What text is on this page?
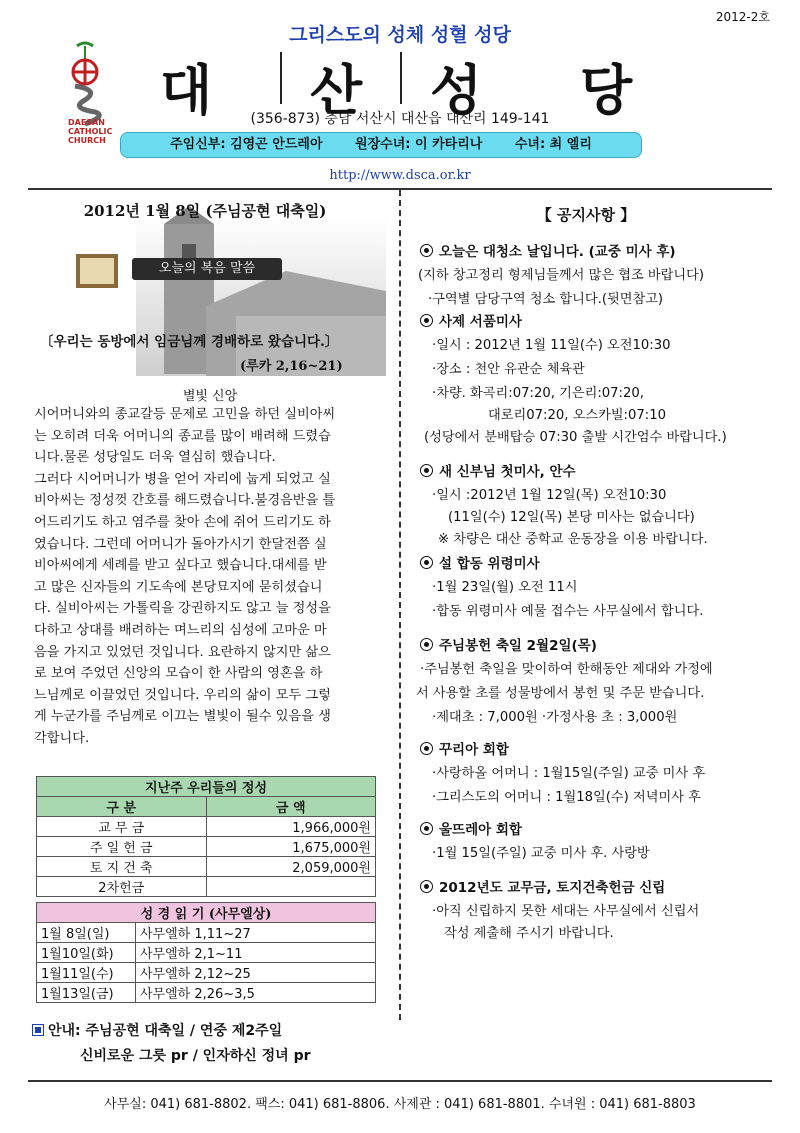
2012-2호
그리스도의 성체 성혈 성당
DAESAN
CATHOLIC
CHURCH
대 산 성 당
(356-873) 충남 서산시 대산읍 대산리 149-141
주임신부: 김영곤 안드레아	원장수녀: 이 카타리나	수녀: 최 엘리
http://www.dsca.or.kr
2012년 1월 8일 (주님공현 대축일)
오늘의 복음 말씀
〔우리는 동방에서 임금님께 경배하로 왔습니다.〕
(루카 2,16~21)
별빛 신앙

시어머니와의 종교갈등 문제로 고민을 하던 실비아씨

는 오히려 더욱 어머니의 종교를 많이 배려해 드렸습

니다.물론 성당일도 더욱 열심히 했습니다.

그러다 시어머니가 병을 얻어 자리에 눕게 되었고 실

비아씨는 정성껏 간호를 해드렸습니다.불경음반을 틀

어드리기도 하고 염주를 찾아 손에 쥐어 드리기도 하

였습니다. 그런데 어머니가 돌아가시기 한달전쯤 실

비아씨에게 세례를 받고 싶다고 했습니다.대세를 받

고 많은 신자들의 기도속에 본당묘지에 묻히셨습니

다. 실비아씨는 가톨릭을 강권하지도 않고 늘 정성을

다하고 상대를 배려하는 며느리의 심성에 고마운 마

음을 가지고 있었던 것입니다. 요란하지 않지만 삶으

로 보여 주었던 신앙의 모습이 한 사람의 영혼을 하

느님께로 이끌었던 것입니다. 우리의 삶이 모두 그렇

게 누군가를 주님께로 이끄는 별빛이 될수 있음을 생

각합니다.

지난주 우리들의 정성	
구 분	금 액
교 무 금	1,966,000원
주 일 헌 금	1,675,000원
토 지 건 축	2,059,000원
2차헌금	
성 경 읽 기 (사무엘상)	
1월 8일(일)	사무엘하 1,11~27
1월10일(화)	사무엘하 2,1~11
1월11일(수)	사무엘하 2,12~25
1월13일(금)	사무엘하 2,26~3,5
안내: 주님공현 대축일 / 연중 제2주일
신비로운 그릇 pr / 인자하신 정녀 pr
【 공지사항 】
오늘은 대청소 날입니다. (교중 미사 후)
(지하 창고정리 형제님들께서 많은 협조 바랍니다)
·구역별 담당구역 청소 합니다.(뒷면참고)
사제 서품미사
·일시 : 2012년 1월 11일(수) 오전10:30
·장소 : 천안 유관순 체육관
·차량. 화곡리:07:20, 기은리:07:20,
대로리07:20, 오스카빌:07:10
(성당에서 분배탑승 07:30 출발 시간엄수 바랍니다.)
새 신부님 첫미사, 안수
·일시 :2012년 1월 12일(목) 오전10:30
(11일(수) 12일(목) 본당 미사는 없습니다)
※ 차량은 대산 중학교 운동장을 이용 바랍니다.
설 합동 위령미사
·1월 23일(월) 오전 11시
·합동 위령미사 예물 접수는 사무실에서 합니다.
주님봉헌 축일 2월2일(목)
·주님봉헌 축일을 맞이하여 한해동안 제대와 가정에
서 사용할 초를 성물방에서 봉헌 및 주문 받습니다.
·제대초 : 7,000원 ·가정사용 초 : 3,000원
꾸리아 회합
·사랑하올 어머니 : 1월15일(주일) 교중 미사 후
·그리스도의 어머니 : 1월18일(수) 저녁미사 후
울뜨레아 회합
·1월 15일(주일) 교중 미사 후. 사랑방
2012년도 교무금, 토지건축헌금 신립
·아직 신립하지 못한 세대는 사무실에서 신립서
작성 제출해 주시기 바랍니다.
사무실: 041) 681-8802. 팩스: 041) 681-8806. 사제관 : 041) 681-8801. 수녀원 : 041) 681-8803
